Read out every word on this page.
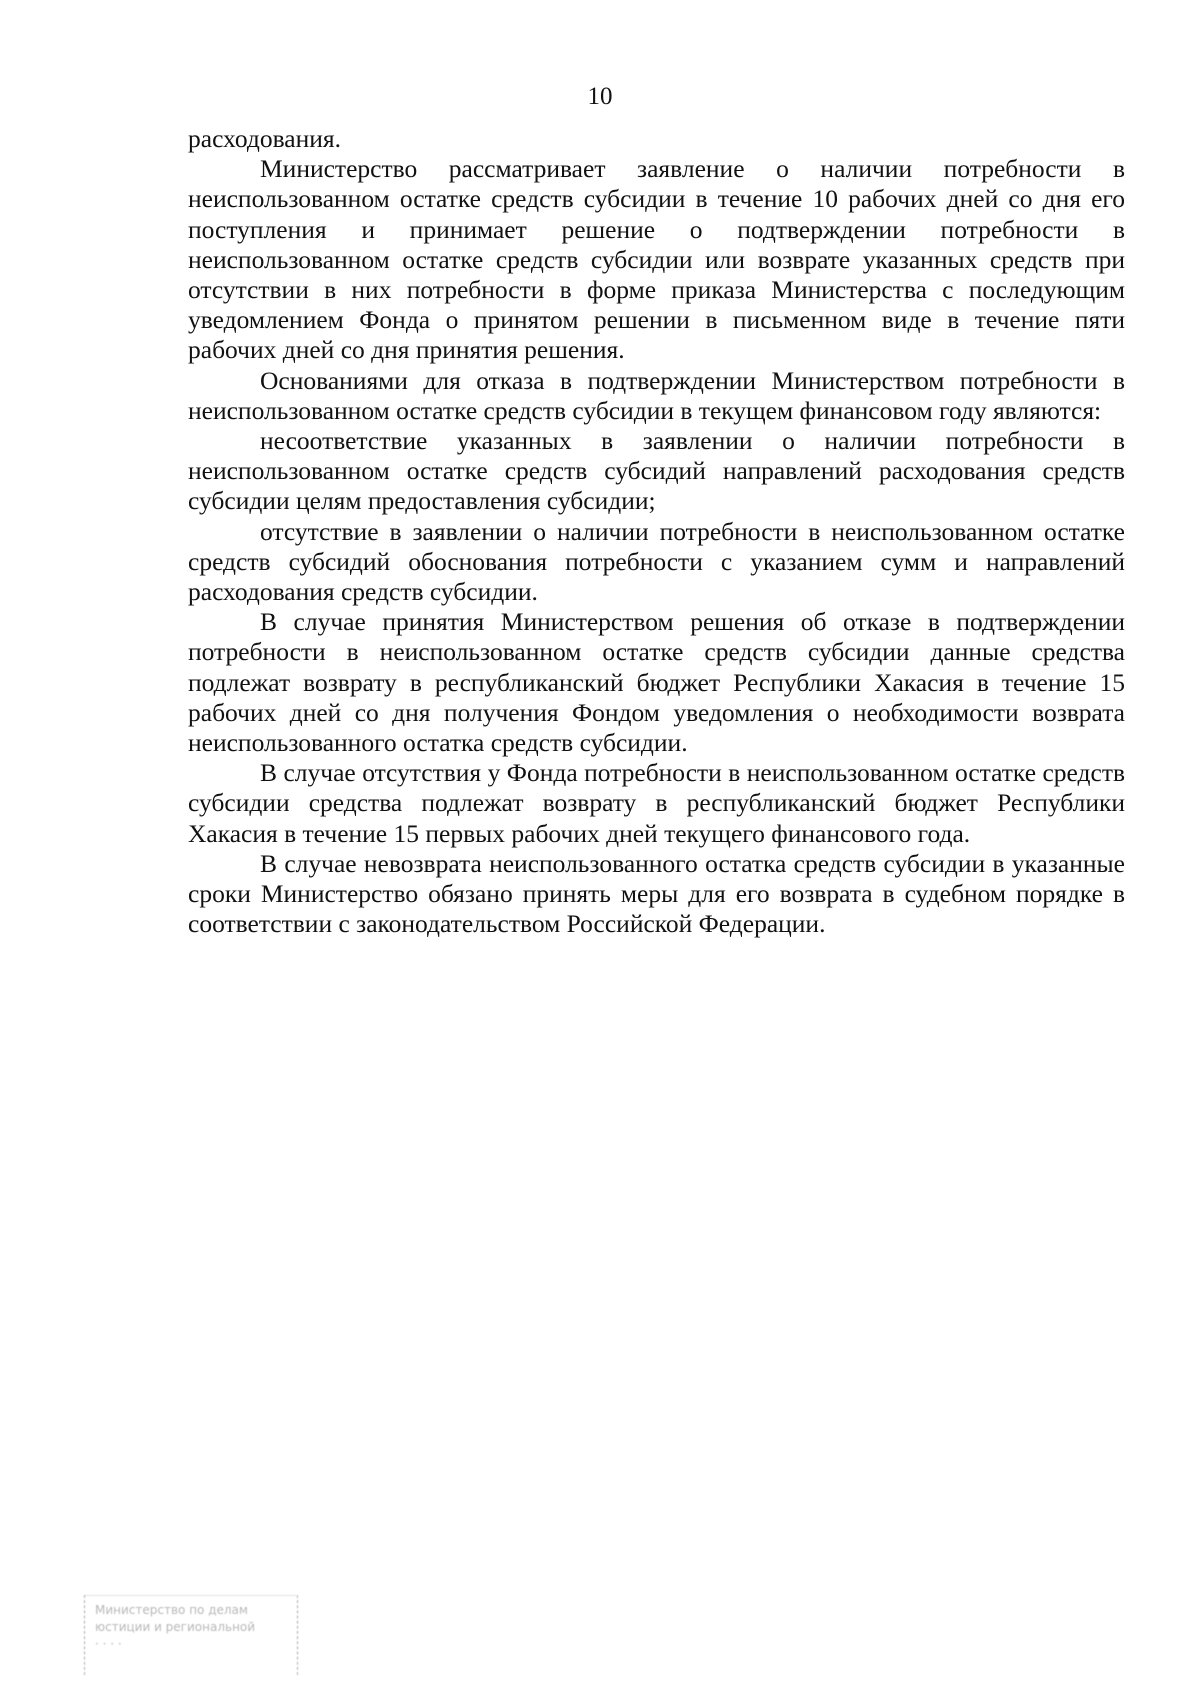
10

расходования.

Министерство рассматривает заявление о наличии потребности в неиспользованном остатке средств субсидии в течение 10 рабочих дней со дня его поступления и принимает решение о подтверждении потребности в неиспользованном остатке средств субсидии или возврате указанных средств при отсутствии в них потребности в форме приказа Министерства с последующим уведомлением Фонда о принятом решении в письменном виде в течение пяти рабочих дней со дня принятия решения.

Основаниями для отказа в подтверждении Министерством потребности в неиспользованном остатке средств субсидии в текущем финансовом году являются:

несоответствие указанных в заявлении о наличии потребности в неиспользованном остатке средств субсидий направлений расходования средств субсидии целям предоставления субсидии;

отсутствие в заявлении о наличии потребности в неиспользованном остатке средств субсидий обоснования потребности с указанием сумм и направлений расходования средств субсидии.

В случае принятия Министерством решения об отказе в подтверждении потребности в неиспользованном остатке средств субсидии данные средства подлежат возврату в республиканский бюджет Республики Хакасия в течение 15 рабочих дней со дня получения Фондом уведомления о необходимости возврата неиспользованного остатка средств субсидии.

В случае отсутствия у Фонда потребности в неиспользованном остатке средств субсидии средства подлежат возврату в республиканский бюджет Республики Хакасия в течение 15 первых рабочих дней текущего финансового года.

В случае невозврата неиспользованного остатка средств субсидии в указанные сроки Министерство обязано принять меры для его возврата в судебном порядке в соответствии с законодательством Российской Федерации.

Министерство по делам
юстиции и региональной
· · · ·
